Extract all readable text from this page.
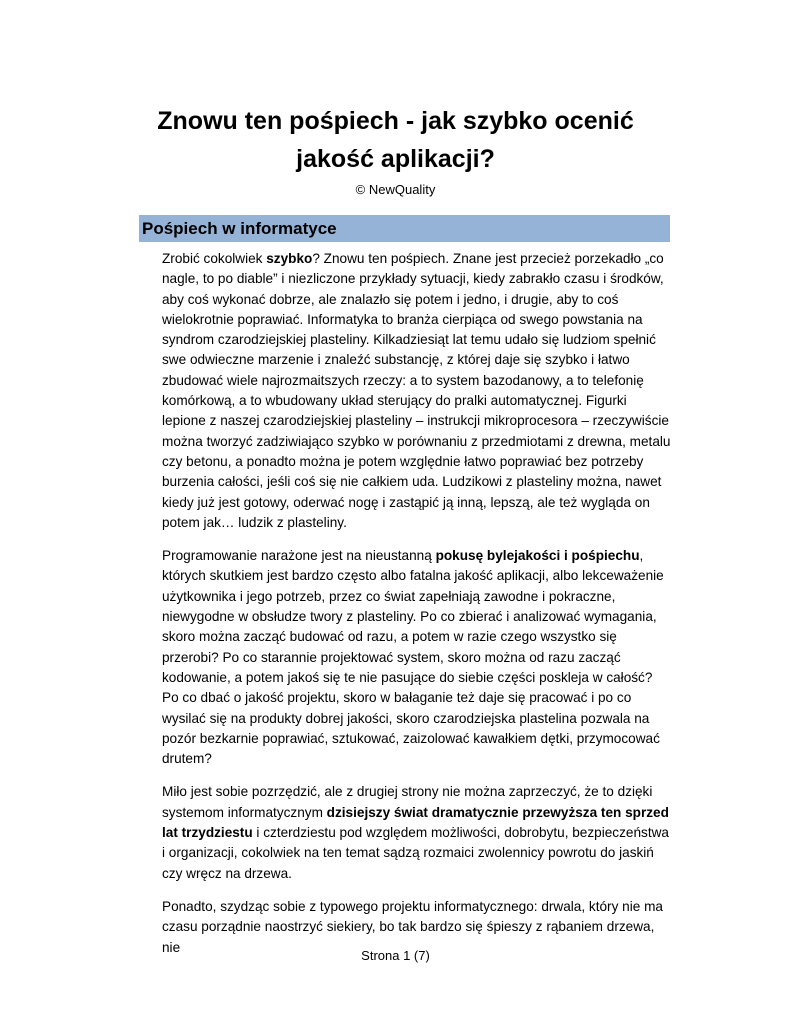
Znowu ten pośpiech - jak szybko ocenić
jakość aplikacji?
© NewQuality
Pośpiech w informatyce

Zrobić cokolwiek szybko? Znowu ten pośpiech. Znane jest przecież porzekadło „co nagle, to po diable” i niezliczone przykłady sytuacji, kiedy zabrakło czasu i środków, aby coś wykonać dobrze, ale znalazło się potem i jedno, i drugie, aby to coś wielokrotnie poprawiać. Informatyka to branża cierpiąca od swego powstania na syndrom czarodziejskiej plasteliny. Kilkadziesiąt lat temu udało się ludziom spełnić swe odwieczne marzenie i znaleźć substancję, z której daje się szybko i łatwo zbudować wiele najrozmaitszych rzeczy: a to system bazodanowy, a to telefonię komórkową, a to wbudowany układ sterujący do pralki automatycznej. Figurki lepione z naszej czarodziejskiej plasteliny – instrukcji mikroprocesora – rzeczywiście można tworzyć zadziwiająco szybko w porównaniu z przedmiotami z drewna, metalu czy betonu, a ponadto można je potem względnie łatwo poprawiać bez potrzeby burzenia całości, jeśli coś się nie całkiem uda. Ludzikowi z plasteliny można, nawet kiedy już jest gotowy, oderwać nogę i zastąpić ją inną, lepszą, ale też wygląda on potem jak… ludzik z plasteliny.

Programowanie narażone jest na nieustanną pokusę bylejakości i pośpiechu, których skutkiem jest bardzo często albo fatalna jakość aplikacji, albo lekceważenie użytkownika i jego potrzeb, przez co świat zapełniają zawodne i pokraczne, niewygodne w obsłudze twory z plasteliny. Po co zbierać i analizować wymagania, skoro można zacząć budować od razu, a potem w razie czego wszystko się przerobi? Po co starannie projektować system, skoro można od razu zacząć kodowanie, a potem jakoś się te nie pasujące do siebie części poskleja w całość? Po co dbać o jakość projektu, skoro w bałaganie też daje się pracować i po co wysilać się na produkty dobrej jakości, skoro czarodziejska plastelina pozwala na pozór bezkarnie poprawiać, sztukować, zaizolować kawałkiem dętki, przymocować drutem?

Miło jest sobie pozrzędzić, ale z drugiej strony nie można zaprzeczyć, że to dzięki systemom informatycznym dzisiejszy świat dramatycznie przewyższa ten sprzed lat trzydziestu i czterdziestu pod względem możliwości, dobrobytu, bezpieczeństwa i organizacji, cokolwiek na ten temat sądzą rozmaici zwolennicy powrotu do jaskiń czy wręcz na drzewa.

Ponadto, szydząc sobie z typowego projektu informatycznego: drwala, który nie ma czasu porządnie naostrzyć siekiery, bo tak bardzo się śpieszy z rąbaniem drzewa, nie

Strona 1 (7)
